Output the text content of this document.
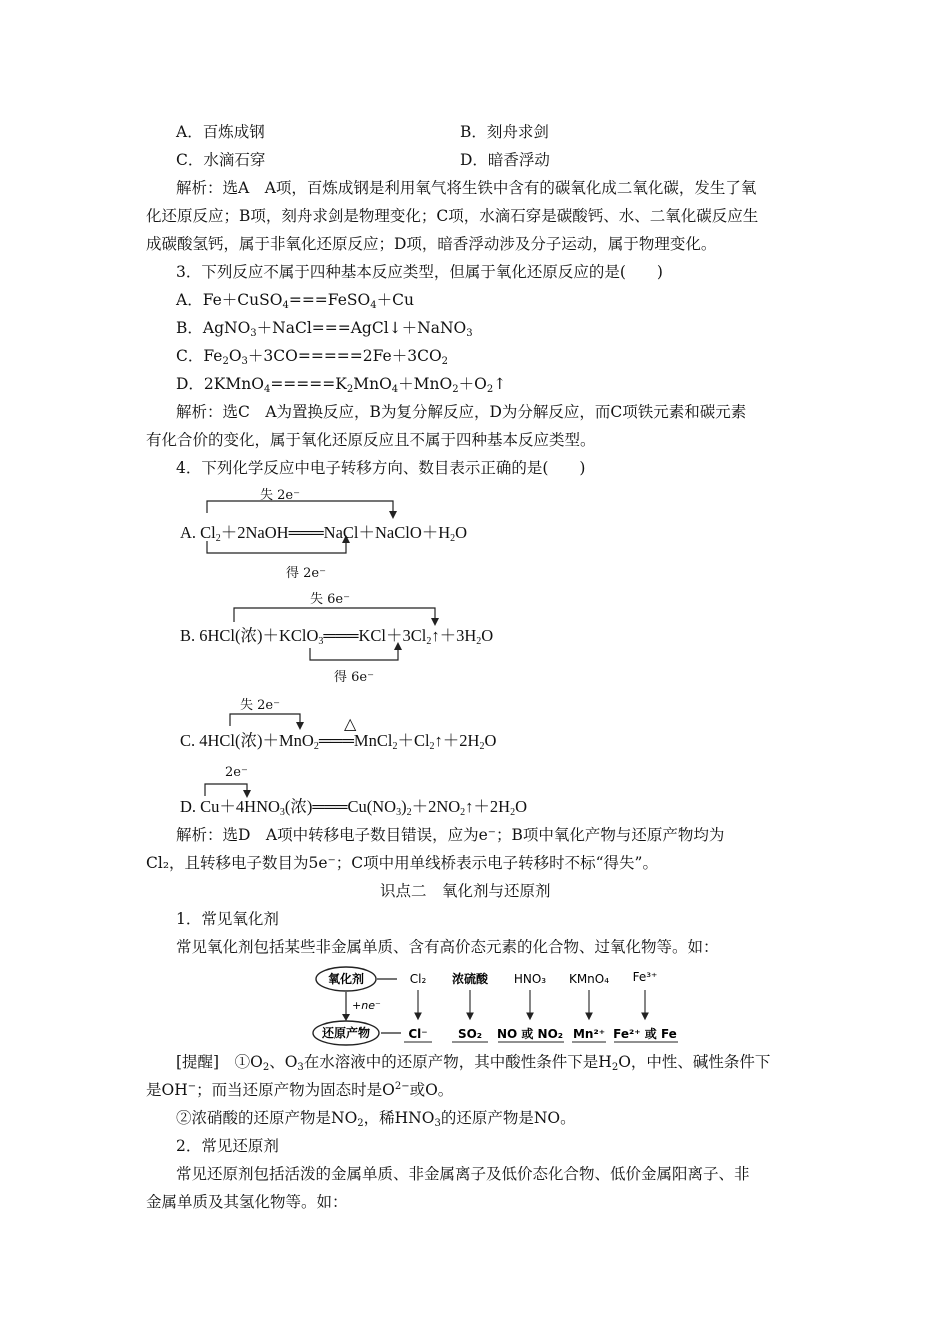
A．百炼成钢	B．刻舟求剑
C．水滴石穿	D．暗香浮动
解析：选A　A项，百炼成钢是利用氧气将生铁中含有的碳氧化成二氧化碳，发生了氧
化还原反应；B项，刻舟求剑是物理变化；C项，水滴石穿是碳酸钙、水、二氧化碳反应生
成碳酸氢钙，属于非氧化还原反应；D项，暗香浮动涉及分子运动，属于物理变化。
3．下列反应不属于四种基本反应类型，但属于氧化还原反应的是(　　)
A．Fe＋CuSO$_4$===FeSO$_4$＋Cu
B．AgNO$_3$＋NaCl===AgCl↓＋NaNO$_3$
C．$Fe_2O_3+3CO=====2Fe+3CO_2$
D．$2KMnO_4=====K_2MnO_4+MnO_2+O_2↑$
解析：选C　A为置换反应，B为复分解反应，D为分解反应，而C项铁元素和碳元素
有化合价的变化，属于氧化还原反应且不属于四种基本反应类型。
4．下列化学反应中电子转移方向、数目表示正确的是(　　)
失 2e⁻
A. $Cl_2+2NaOH═══NaCl+NaClO+H_2O$
得 2e⁻
失 6e⁻
B. 6HCl(浓)$+KClO_3═══KCl+3Cl_2↑+3H_2O$
得 6e⁻
失 2e⁻
△
C. 4HCl(浓)$+MnO_2═══MnCl_2+Cl_2↑+2H_2O$
2e⁻
D. $Cu+4HNO_3$(浓)$═══Cu(NO_3)_2+2NO_2↑+2H_2O$
解析：选D　A项中转移电子数目错误，应为e⁻；B项中氧化产物与还原产物均为
Cl₂，且转移电子数目为5e⁻；C项中用单线桥表示电子转移时不标“得失”。
识点二　氧化剂与还原剂
1．常见氧化剂
常见氧化剂包括某些非金属单质、含有高价态元素的化合物、过氧化物等。如：
氧化剂
还原产物
+ne⁻
Cl₂ 浓硫酸 HNO₃ KMnO₄ Fe³⁺
Cl⁻	SO₂ NO 或 NO₂ Mn²⁺ Fe²⁺ 或 Fe
[提醒]　$①O_2$、$O_3$在水溶液中的还原产物，其中酸性条件下是$H_2O$，中性、碱性条件下
是OH−；而当还原产物为固态时是$O^{2-}$或O。
②浓硝酸的还原产物是$NO_2$，稀$HNO_3$的还原产物是NO。
2．常见还原剂
常见还原剂包括活泼的金属单质、非金属离子及低价态化合物、低价金属阳离子、非
金属单质及其氢化物等。如：
